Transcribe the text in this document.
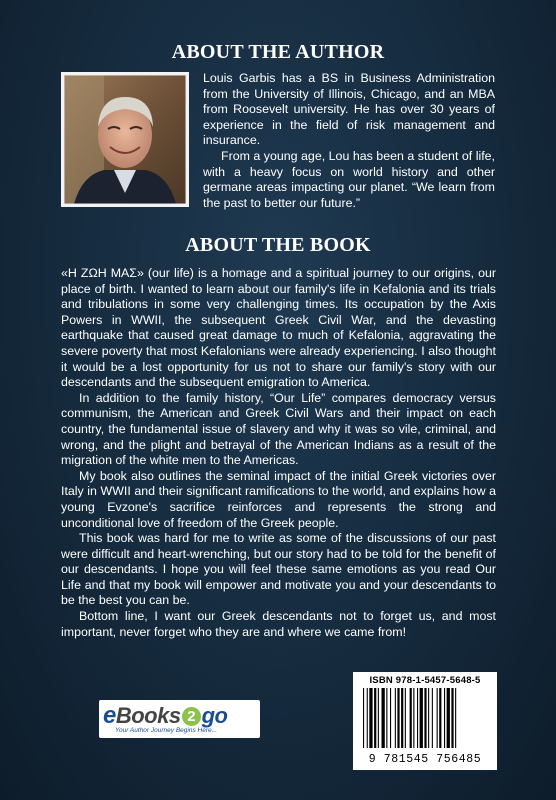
ABOUT THE AUTHOR

Louis Garbis has a BS in Business Administration from the University of Illinois, Chicago, and an MBA from Roosevelt university. He has over 30 years of experience in the field of risk management and insurance.

From a young age, Lou has been a student of life, with a heavy focus on world history and other germane areas impacting our planet. “We learn from the past to better our future.”

ABOUT THE BOOK

«Η ΖΩΗ ΜΑΣ» (our life) is a homage and a spiritual journey to our origins, our place of birth. I wanted to learn about our family's life in Kefalonia and its trials and tribulations in some very challenging times. Its occupation by the Axis Powers in WWII, the subsequent Greek Civil War, and the devasting earthquake that caused great damage to much of Kefalonia, aggravating the severe poverty that most Kefalonians were already experiencing. I also thought it would be a lost opportunity for us not to share our family's story with our descendants and the subsequent emigration to America.

In addition to the family history, “Our Life” compares democracy versus communism, the American and Greek Civil Wars and their impact on each country, the fundamental issue of slavery and why it was so vile, criminal, and wrong, and the plight and betrayal of the American Indians as a result of the migration of the white men to the Americas.

My book also outlines the seminal impact of the initial Greek victories over Italy in WWII and their significant ramifications to the world, and explains how a young Evzone's sacrifice reinforces and represents the strong and unconditional love of freedom of the Greek people.

This book was hard for me to write as some of the discussions of our past were difficult and heart-wrenching, but our story had to be told for the benefit of our descendants. I hope you will feel these same emotions as you read Our Life and that my book will empower and motivate you and your descendants to be the best you can be.

Bottom line, I want our Greek descendants not to forget us, and most important, never forget who they are and where we came from!

eBooks 2 go
Your Author Journey Begins Here...
ISBN 978-1-5457-5648-5
9 781545 756485
